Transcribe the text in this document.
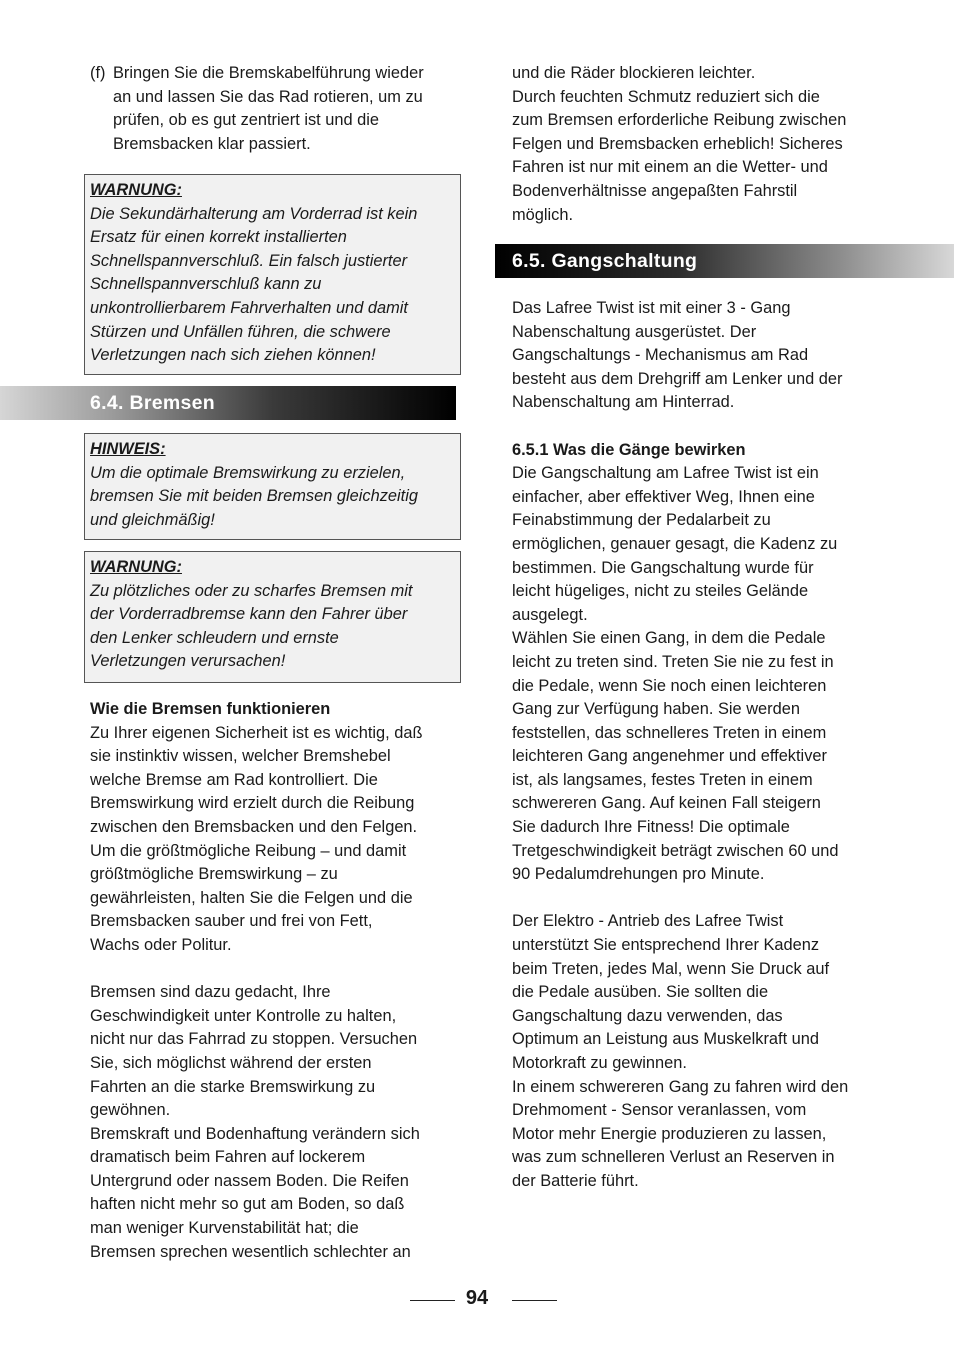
(f) Bringen Sie die Bremskabelführung wieder
an und lassen Sie das Rad rotieren, um zu
prüfen, ob es gut zentriert ist und die
Bremsbacken klar passiert.
WARNUNG:
Die Sekundärhalterung am Vorderrad ist kein
Ersatz für einen korrekt installierten
Schnellspannverschluß. Ein falsch justierter
Schnellspannverschluß kann zu
unkontrollierbarem Fahrverhalten und damit
Stürzen und Unfällen führen, die schwere
Verletzungen nach sich ziehen können!
6.4. Bremsen
HINWEIS:
Um die optimale Bremswirkung zu erzielen,
bremsen Sie mit beiden Bremsen gleichzeitig
und gleichmäßig!
WARNUNG:
Zu plötzliches oder zu scharfes Bremsen mit
der Vorderradbremse kann den Fahrer über
den Lenker schleudern und ernste
Verletzungen verursachen!
Wie die Bremsen funktionieren
Zu Ihrer eigenen Sicherheit ist es wichtig, daß
sie instinktiv wissen, welcher Bremshebel
welche Bremse am Rad kontrolliert. Die
Bremswirkung wird erzielt durch die Reibung
zwischen den Bremsbacken und den Felgen.
Um die größtmögliche Reibung – und damit
größtmögliche Bremswirkung – zu
gewährleisten, halten Sie die Felgen und die
Bremsbacken sauber und frei von Fett,
Wachs oder Politur.
Bremsen sind dazu gedacht, Ihre
Geschwindigkeit unter Kontrolle zu halten,
nicht nur das Fahrrad zu stoppen. Versuchen
Sie, sich möglichst während der ersten
Fahrten an die starke Bremswirkung zu
gewöhnen.
Bremskraft und Bodenhaftung verändern sich
dramatisch beim Fahren auf lockerem
Untergrund oder nassem Boden. Die Reifen
haften nicht mehr so gut am Boden, so daß
man weniger Kurvenstabilität hat; die
Bremsen sprechen wesentlich schlechter an
und die Räder blockieren leichter.
Durch feuchten Schmutz reduziert sich die
zum Bremsen erforderliche Reibung zwischen
Felgen und Bremsbacken erheblich! Sicheres
Fahren ist nur mit einem an die Wetter- und
Bodenverhältnisse angepaßten Fahrstil
möglich.
6.5. Gangschaltung
Das Lafree Twist ist mit einer 3 - Gang
Nabenschaltung ausgerüstet. Der
Gangschaltungs - Mechanismus am Rad
besteht aus dem Drehgriff am Lenker und der
Nabenschaltung am Hinterrad.
6.5.1 Was die Gänge bewirken
Die Gangschaltung am Lafree Twist ist ein
einfacher, aber effektiver Weg, Ihnen eine
Feinabstimmung der Pedalarbeit zu
ermöglichen, genauer gesagt, die Kadenz zu
bestimmen. Die Gangschaltung wurde für
leicht hügeliges, nicht zu steiles Gelände
ausgelegt.
Wählen Sie einen Gang, in dem die Pedale
leicht zu treten sind. Treten Sie nie zu fest in
die Pedale, wenn Sie noch einen leichteren
Gang zur Verfügung haben. Sie werden
feststellen, das schnelleres Treten in einem
leichteren Gang angenehmer und effektiver
ist, als langsames, festes Treten in einem
schwereren Gang. Auf keinen Fall steigern
Sie dadurch Ihre Fitness! Die optimale
Tretgeschwindigkeit beträgt zwischen 60 und
90 Pedalumdrehungen pro Minute.
Der Elektro - Antrieb des Lafree Twist
unterstützt Sie entsprechend Ihrer Kadenz
beim Treten, jedes Mal, wenn Sie Druck auf
die Pedale ausüben. Sie sollten die
Gangschaltung dazu verwenden, das
Optimum an Leistung aus Muskelkraft und
Motorkraft zu gewinnen.
In einem schwereren Gang zu fahren wird den
Drehmoment - Sensor veranlassen, vom
Motor mehr Energie produzieren zu lassen,
was zum schnelleren Verlust an Reserven in
der Batterie führt.
94
